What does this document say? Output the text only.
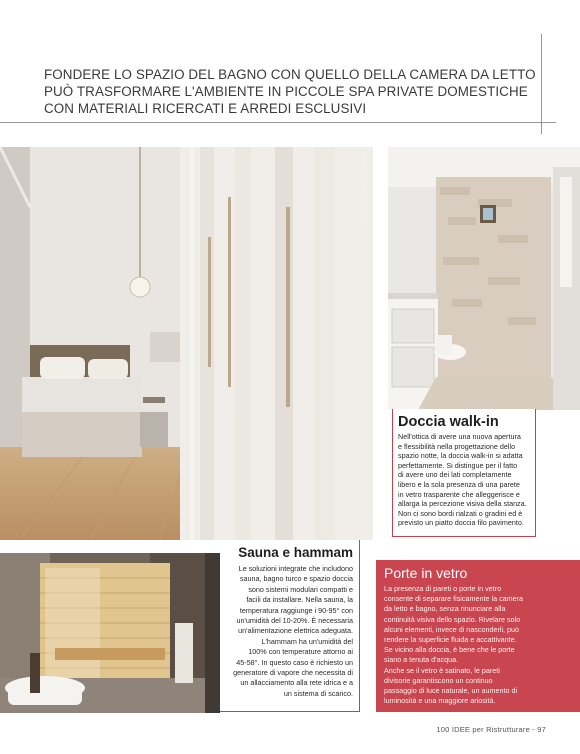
FONDERE LO SPAZIO DEL BAGNO CON QUELLO DELLA CAMERA DA LETTO

PUÒ TRASFORMARE L'AMBIENTE IN PICCOLE SPA PRIVATE DOMESTICHE

CON MATERIALI RICERCATI E ARREDI ESCLUSIVI

© VALENTINA STEFANELLI
Doccia walk-in

Nell'ottica di avere una nuova apertura
e flessibilità nella progettazione dello
spazio notte, la doccia walk-in si adatta
perfettamente. Si distingue per il fatto
di avere uno dei lati completamente
libero e la sola presenza di una parete
in vetro trasparente che alleggerisce e
allarga la percezione visiva della stanza.
Non ci sono bordi rialzati o gradini ed è
previsto un piatto doccia filo pavimento.

Sauna e hammam

Le soluzioni integrate che includono
sauna, bagno turco e spazio doccia
sono sistemi modulari compatti e
facili da installare. Nella sauna, la
temperatura raggiunge i 90-95° con
un'umidità del 10-20%. È necessaria
un'alimentazione elettrica adeguata.
L'hammam ha un'umidità del
100% con temperature attorno ai
45-58°. In questo caso è richiesto un
generatore di vapore che necessita di
un allacciamento alla rete idrica e a
un sistema di scarico.

Porte in vetro

La presenza di pareti o porte in vetro
consente di separare fisicamente la camera
da letto e bagno, senza rinunciare alla
continuità visiva dello spazio. Rivelare solo
alcuni elementi, invece di nasconderli, può
rendere la superficie fluida e accattivante.
Se vicino alla doccia, è bene che le porte
siano a tenuta d'acqua.
Anche se il vetro è satinato, le pareti
divisorie garantiscono un continuo
passaggio di luce naturale, un aumento di
luminosità e una maggiore ariosità.

100 IDEE per Ristrutturare - 97
